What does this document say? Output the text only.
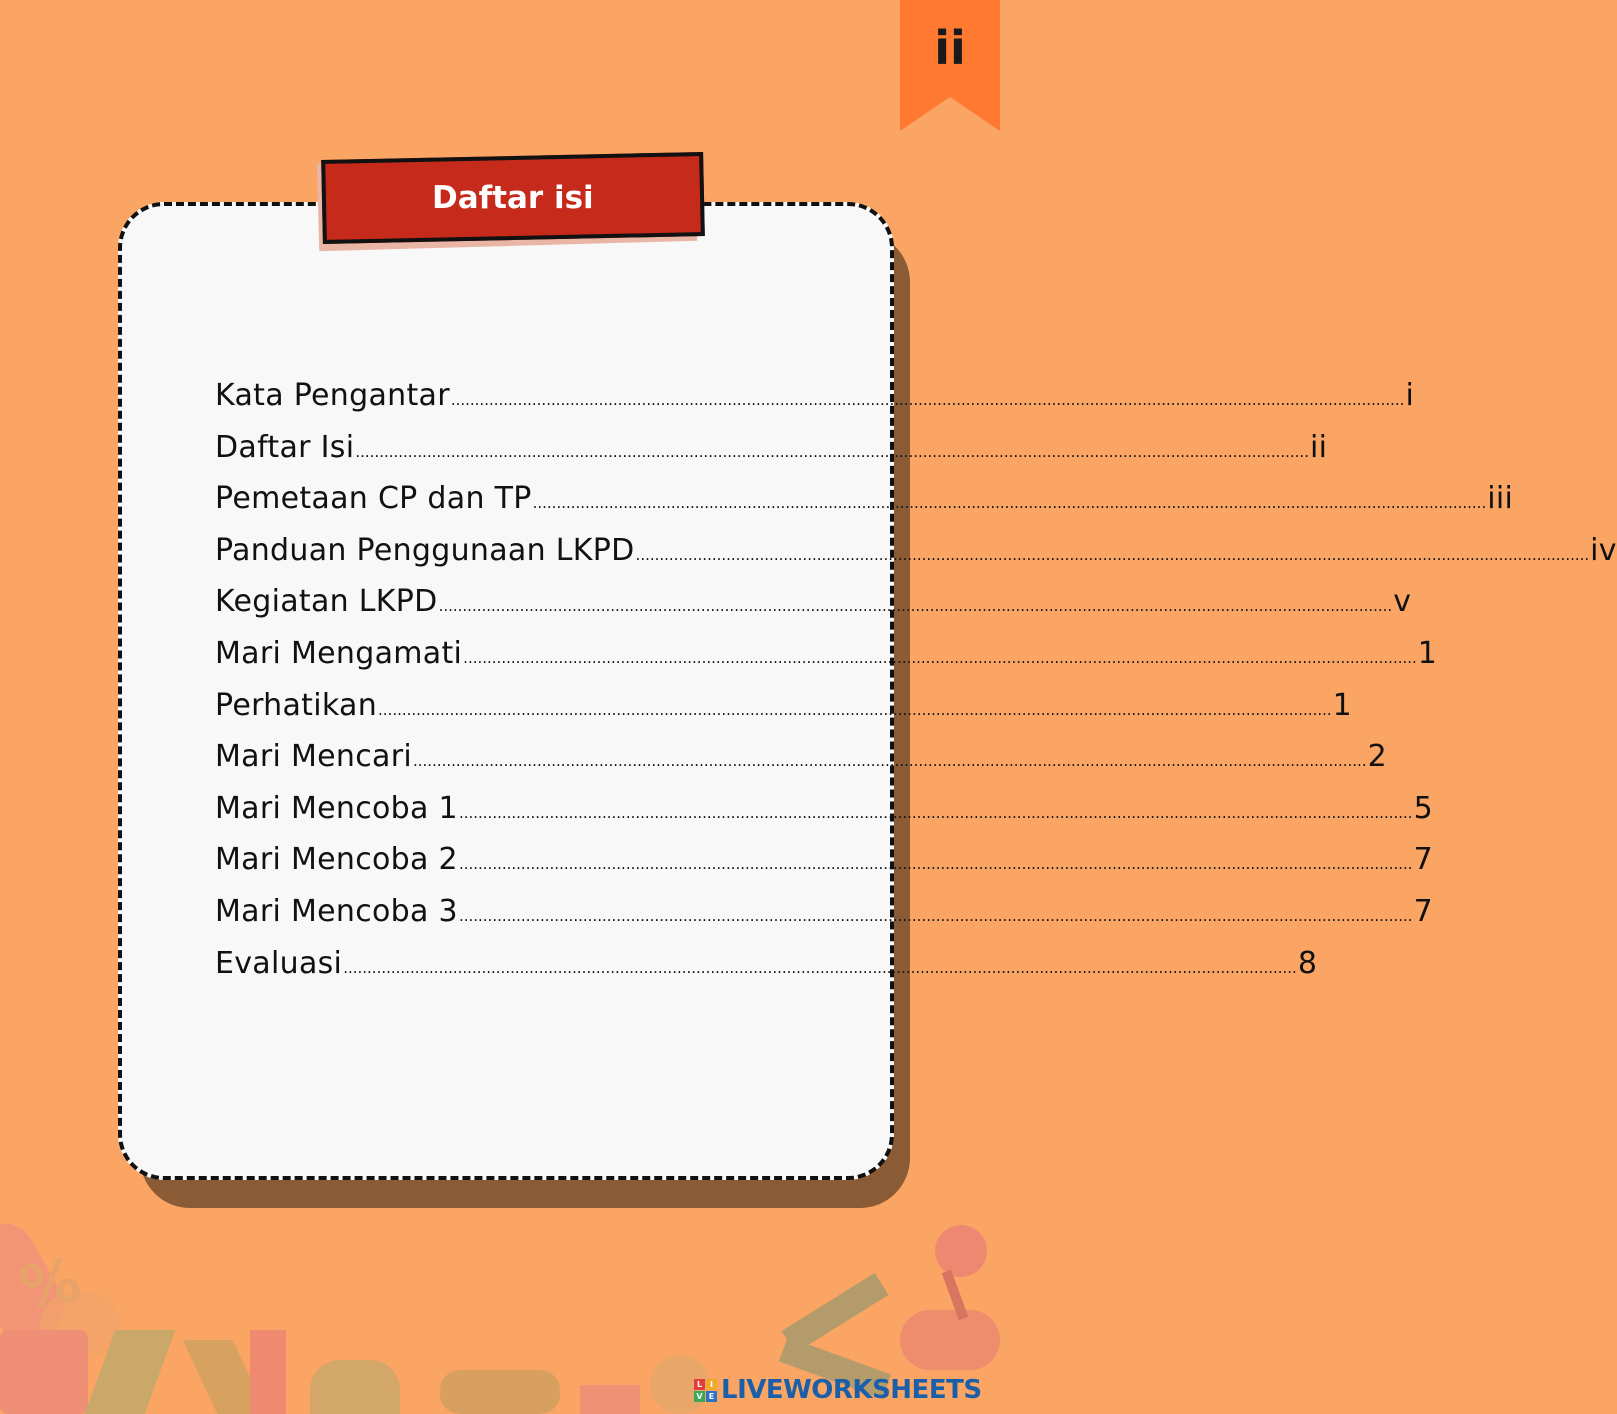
%
ii
Daftar isi
Kata Pengantar ........................................................................................................................................................................................................ i
Daftar Isi ........................................................................................................................................................................................................ ii
Pemetaan CP dan TP ........................................................................................................................................................................................................ iii
Panduan Penggunaan LKPD ........................................................................................................................................................................................................ iv
Kegiatan LKPD ........................................................................................................................................................................................................ v
Mari Mengamati ........................................................................................................................................................................................................ 1
Perhatikan ........................................................................................................................................................................................................ 1
Mari Mencari ........................................................................................................................................................................................................ 2
Mari Mencoba 1 ........................................................................................................................................................................................................ 5
Mari Mencoba 2 ........................................................................................................................................................................................................ 7
Mari Mencoba 3 ........................................................................................................................................................................................................ 7
Evaluasi ........................................................................................................................................................................................................ 8
L I
V E LIVEWORKSHEETS
